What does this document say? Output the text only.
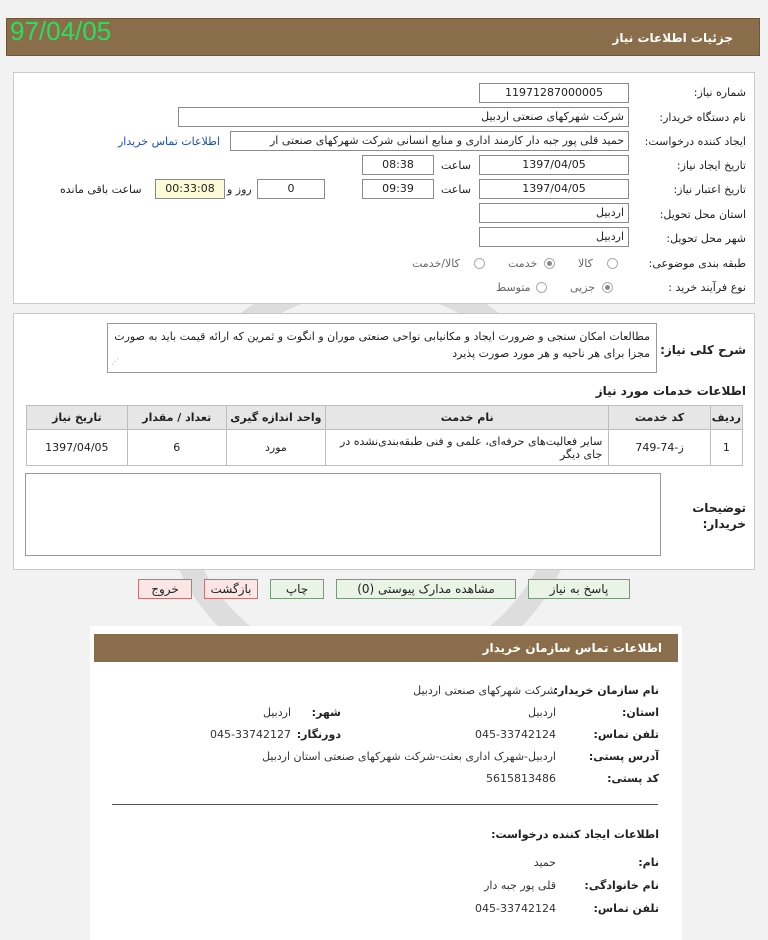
جزئیات اطلاعات نیاز
97/04/05
شماره نیاز:
11971287000005
نام دستگاه خریدار:
شرکت شهرکهای صنعتی اردبیل
ایجاد کننده درخواست:
حمید قلی پور جبه دار کارمند اداری و منابع انسانی شرکت شهرکهای صنعتی ار
اطلاعات تماس خریدار
تاریخ ایجاد نیاز:
1397/04/05
ساعت
08:38
تاریخ اعتبار نیاز:
1397/04/05
ساعت
09:39
0
روز و
00:33:08
ساعت باقی مانده
استان محل تحویل:
اردبیل
شهر محل تحویل:
اردبیل
طبقه بندی موضوعی:
کالا
خدمت
کالا/خدمت
نوع فرآیند خرید :
جزیی
متوسط
شرح کلی نیاز:
مطالعات امکان سنجی و ضرورت ایجاد و مکانیابی نواحی صنعتی موران و انگوت و ثمرین که ارائه قیمت باید به صورت مجزا برای هر ناحیه و هر مورد صورت پذیرد
⋱
اطلاعات خدمات مورد نیاز
ردیف	کد خدمت	نام خدمت	واحد اندازه گیری	تعداد / مقدار	تاریخ نیاز
1	ز-74-749	سایر فعالیت‌های حرفه‌ای، علمی و فنی طبقه‌بندی‌نشده در جای دیگر	مورد	6	1397/04/05
توضیحات خریدار:
پاسخ به نیاز
مشاهده مدارک پیوستی (0)
چاپ
بازگشت
خروج
اطلاعات تماس سازمان خریدار
نام سازمان خریدار:
شرکت شهرکهای صنعتی اردبیل
استان:
اردبیل
شهر:
اردبیل
تلفن تماس:
045-33742124
دورنگار:
045-33742127
آدرس پستی:
اردبیل-شهرک اداری بعثت-شرکت شهرکهای صنعتی استان اردبیل
کد پستی:
5615813486
اطلاعات ایجاد کننده درخواست:
نام:
حمید
نام خانوادگی:
قلی پور جبه دار
تلفن تماس:
045-33742124
